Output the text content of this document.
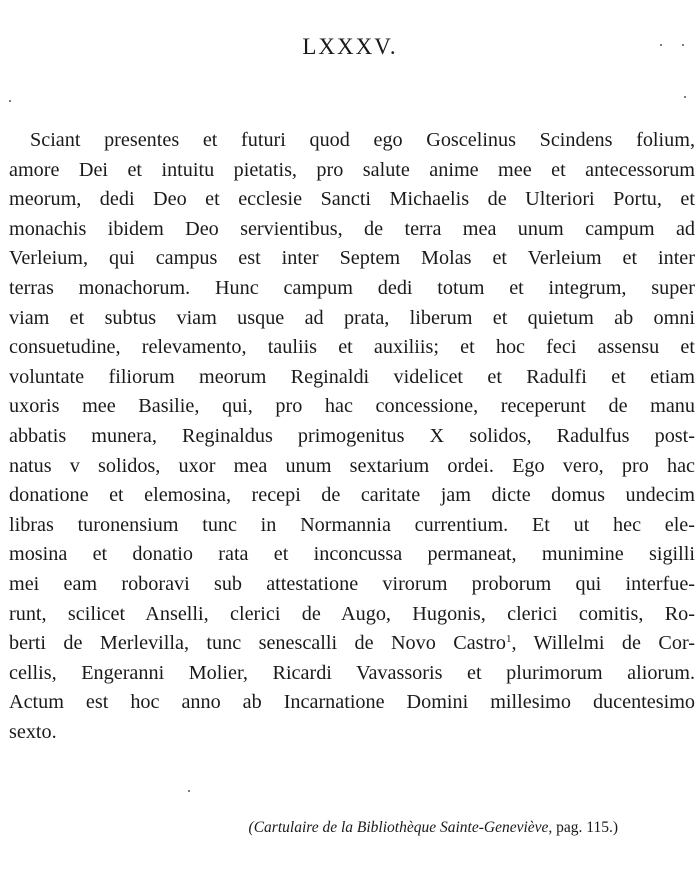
LXXXV.
Sciant presentes et futuri quod ego Goscelinus Scindens folium,
amore Dei et intuitu pietatis, pro salute anime mee et antecessorum
meorum, dedi Deo et ecclesie Sancti Michaelis de Ulteriori Portu, et
monachis ibidem Deo servientibus, de terra mea unum campum ad
Verleium, qui campus est inter Septem Molas et Verleium et inter
terras monachorum. Hunc campum dedi totum et integrum, super
viam et subtus viam usque ad prata, liberum et quietum ab omni
consuetudine, relevamento, tauliis et auxiliis; et hoc feci assensu et
voluntate filiorum meorum Reginaldi videlicet et Radulfi et etiam
uxoris mee Basilie, qui, pro hac concessione, receperunt de manu
abbatis munera, Reginaldus primogenitus X solidos, Radulfus post-
natus v solidos, uxor mea unum sextarium ordei. Ego vero, pro hac
donatione et elemosina, recepi de caritate jam dicte domus undecim
libras turonensium tunc in Normannia currentium. Et ut hec ele-
mosina et donatio rata et inconcussa permaneat, munimine sigilli
mei eam roboravi sub attestatione virorum proborum qui interfue-
runt, scilicet Anselli, clerici de Augo, Hugonis, clerici comitis, Ro-
berti de Merlevilla, tunc senescalli de Novo Castro$^1$, Willelmi de Cor-
cellis, Engeranni Molier, Ricardi Vavassoris et plurimorum aliorum.
Actum est hoc anno ab Incarnatione Domini millesimo ducentesimo
sexto.
(Cartulaire de la Bibliothèque Sainte-Geneviève, pag. 115.)
